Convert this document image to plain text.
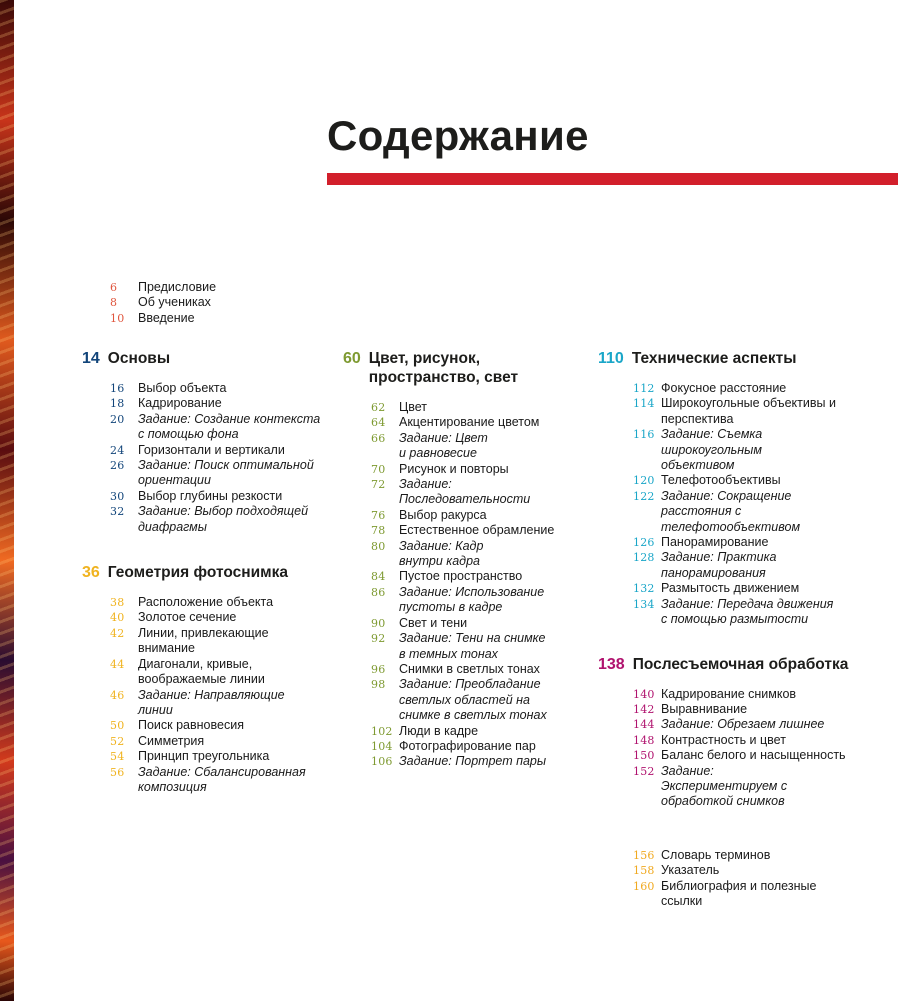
Содержание
6	Предисловие
8	Об учениках
10	Введение
14 Основы
16	Выбор объекта
18	Кадрирование
20	Задание: Создание контекста с помощью фона
24	Горизонтали и вертикали
26	Задание: Поиск оптимальной ориентации
30	Выбор глубины резкости
32	Задание: Выбор подходящей диафрагмы
36 Геометрия фотоснимка
38	Расположение объекта
40	Золотое сечение
42	Линии, привлекающие внимание
44	Диагонали, кривые, воображаемые линии
46	Задание: Направляющие линии
50	Поиск равновесия
52	Симметрия
54	Принцип треугольника
56	Задание: Сбалансированная композиция
60 Цвет, рисунок, пространство, свет
62	Цвет
64	Акцентирование цветом
66	Задание: Цвет и равновесие
70	Рисунок и повторы
72	Задание: Последовательности
76	Выбор ракурса
78	Естественное обрамление
80	Задание: Кадр внутри кадра
84	Пустое пространство
86	Задание: Использование пустоты в кадре
90	Свет и тени
92	Задание: Тени на снимке в темных тонах
96	Снимки в светлых тонах
98	Задание: Преобладание светлых областей на снимке в светлых тонах
102 Люди в кадре
104 Фотографирование пар
106 Задание: Портрет пары
110 Технические аспекты
112 Фокусное расстояние
114 Широкоугольные объективы и перспектива
116 Задание: Съемка широкоугольным объективом
120 Телефотообъективы
122 Задание: Сокращение расстояния с телефотообъективом
126 Панорамирование
128 Задание: Практика панорамирования
132 Размытость движением
134 Задание: Передача движения с помощью размытости
138 Послесъемочная обработка
140 Кадрирование снимков
142 Выравнивание
144 Задание: Обрезаем лишнее
148 Контрастность и цвет
150 Баланс белого и насыщенность
152 Задание: Экспериментируем с обработкой снимков
156 Словарь терминов
158 Указатель
160 Библиография и полезные ссылки
